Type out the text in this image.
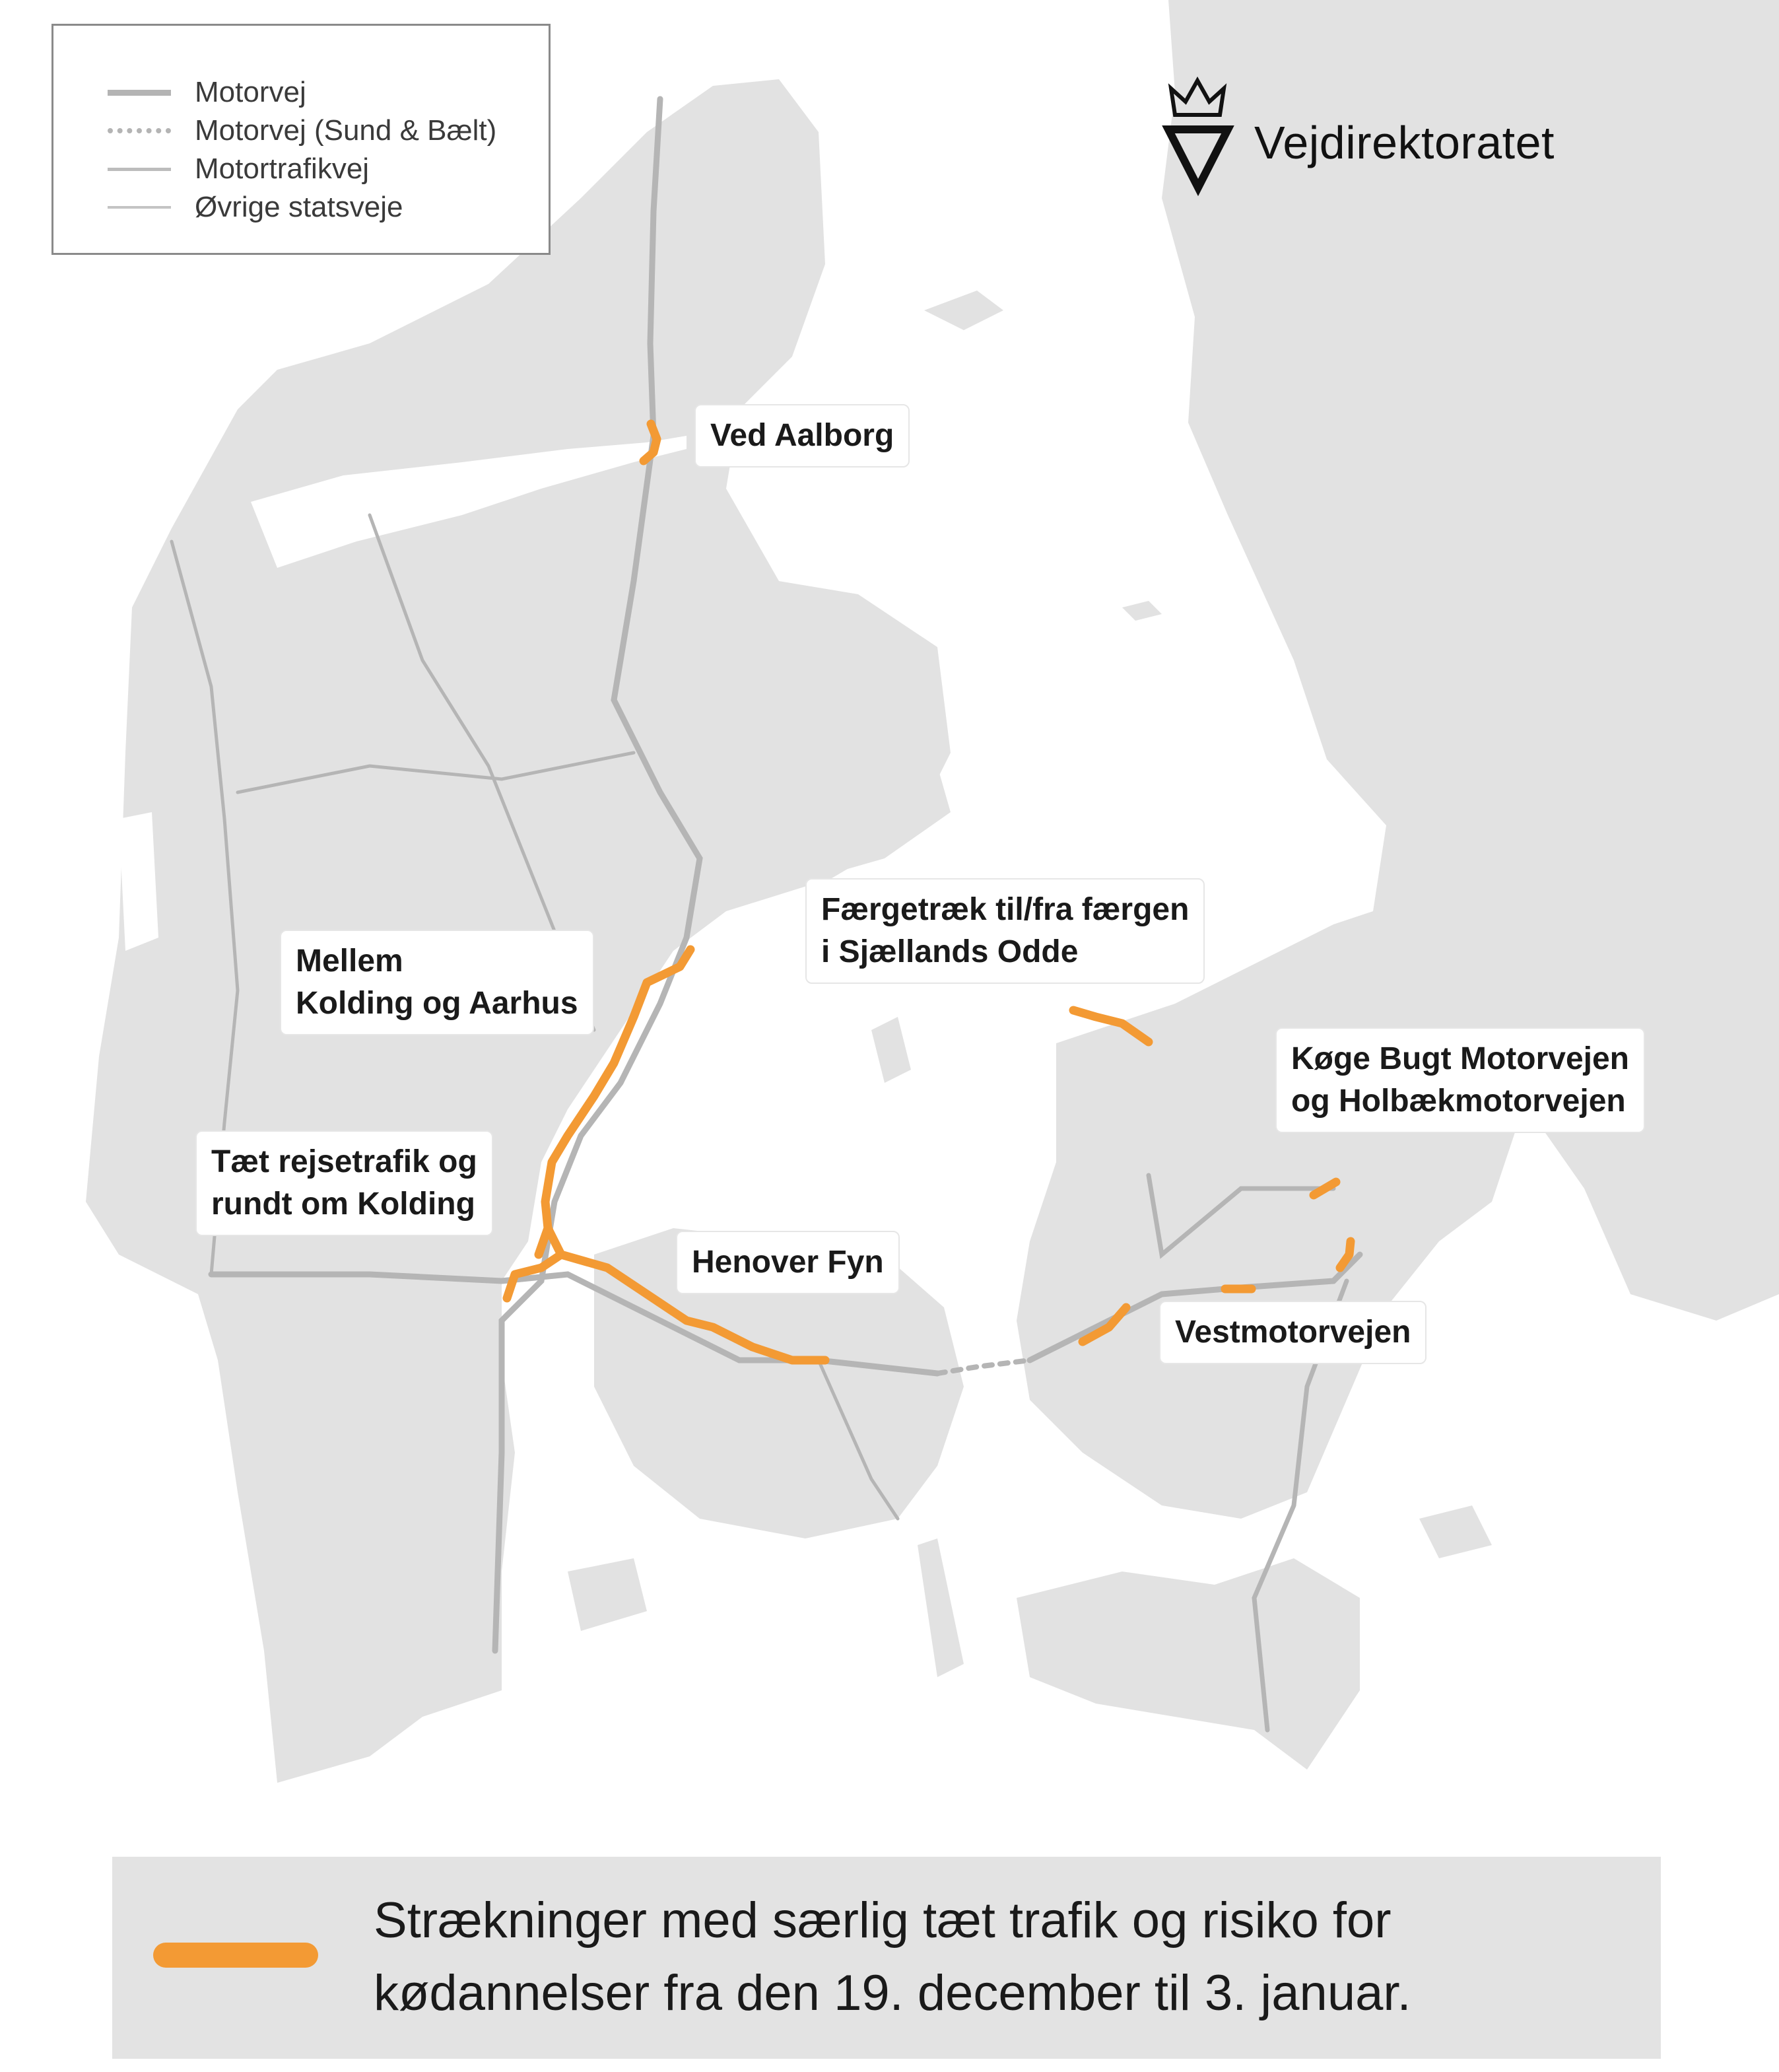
Motorvej
Motorvej (Sund & Bælt)
Motortrafikvej
Øvrige statsveje
Vejdirektoratet
Ved Aalborg
Mellem
Kolding og Aarhus
Tæt rejsetrafik og
rundt om Kolding
Henover Fyn
Færgetræk til/fra færgen
i Sjællands Odde
Køge Bugt Motorvejen
og Holbækmotorvejen
Vestmotorvejen
Strækninger med særlig tæt trafik og risiko for
kødannelser fra den 19. december til 3. januar.
